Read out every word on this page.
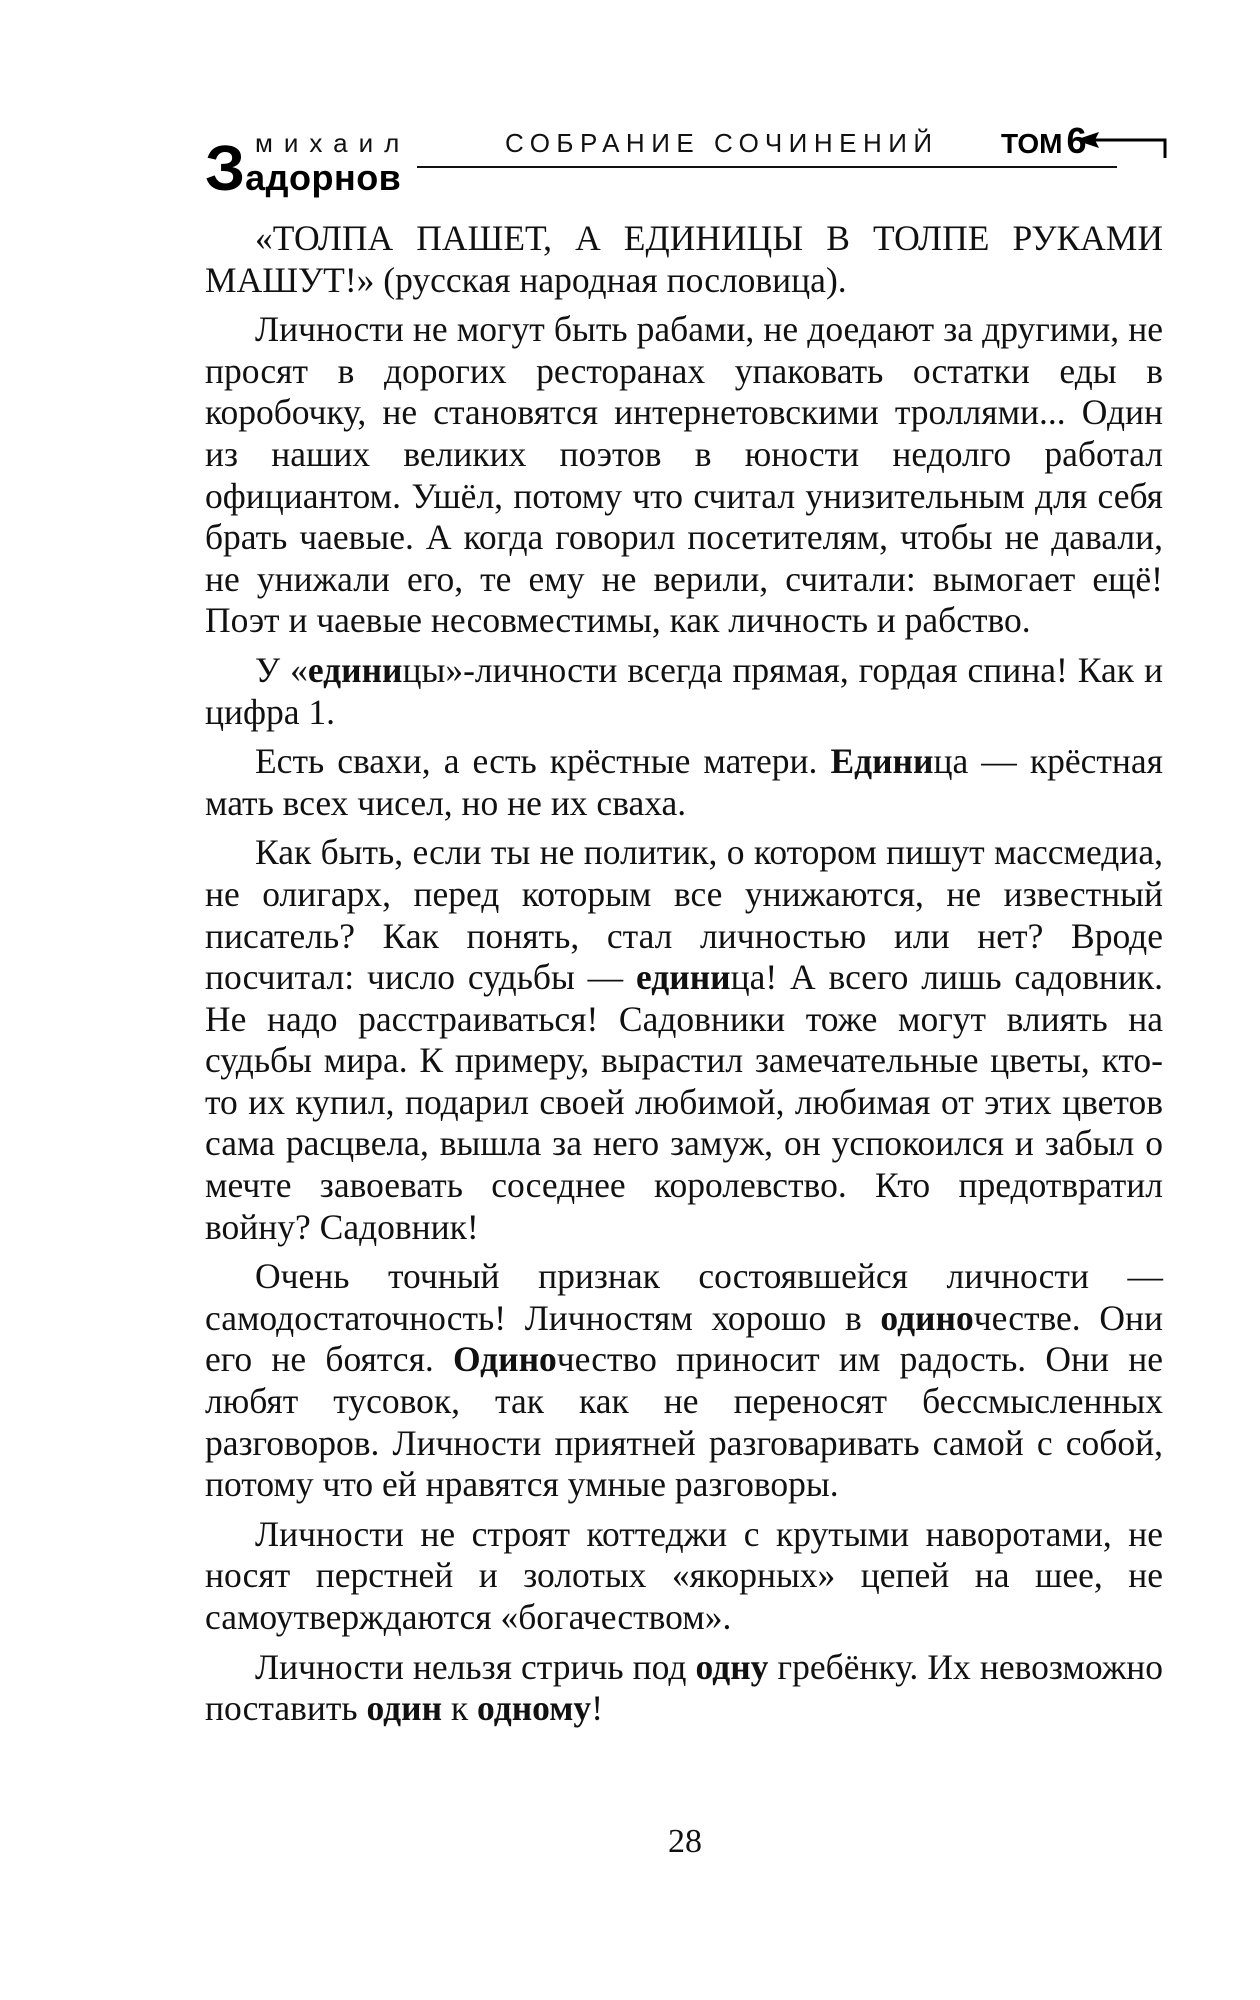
михаил
Задорнов
СОБРАНИЕ СОЧИНЕНИЙ ТОМ 6

«ТОЛПА ПАШЕТ, А ЕДИНИЦЫ В ТОЛПЕ РУКАМИ МАШУТ!» (русская народная пословица).

Личности не могут быть рабами, не доедают за другими, не просят в дорогих ресторанах упаковать остатки еды в коробочку, не становятся интернетовскими троллями... Один из наших великих поэтов в юности недолго работал официантом. Ушёл, потому что считал унизительным для себя брать чаевые. А когда говорил посетителям, чтобы не давали, не унижали его, те ему не верили, считали: вымогает ещё! Поэт и чаевые несовместимы, как личность и рабство.

У «единицы»-личности всегда прямая, гордая спина! Как и цифра 1.

Есть свахи, а есть крёстные матери. Единица — крёстная мать всех чисел, но не их сваха.

Как быть, если ты не политик, о котором пишут массмедиа, не олигарх, перед которым все унижаются, не известный писатель? Как понять, стал личностью или нет? Вроде посчитал: число судьбы — единица! А всего лишь садовник. Не надо расстраиваться! Садовники тоже могут влиять на судьбы мира. К примеру, вырастил замечательные цветы, кто-то их купил, подарил своей любимой, любимая от этих цветов сама расцвела, вышла за него замуж, он успокоился и забыл о мечте завоевать соседнее королевство. Кто предотвратил войну? Садовник!

Очень точный признак состоявшейся личности — самодостаточность! Личностям хорошо в одиночестве. Они его не боятся. Одиночество приносит им радость. Они не любят тусовок, так как не переносят бессмысленных разговоров. Личности приятней разговаривать самой с собой, потому что ей нравятся умные разговоры.

Личности не строят коттеджи с крутыми наворотами, не носят перстней и золотых «якорных» цепей на шее, не самоутверждаются «богачеством».

Личности нельзя стричь под одну гребёнку. Их невозможно поставить один к одному!

28
